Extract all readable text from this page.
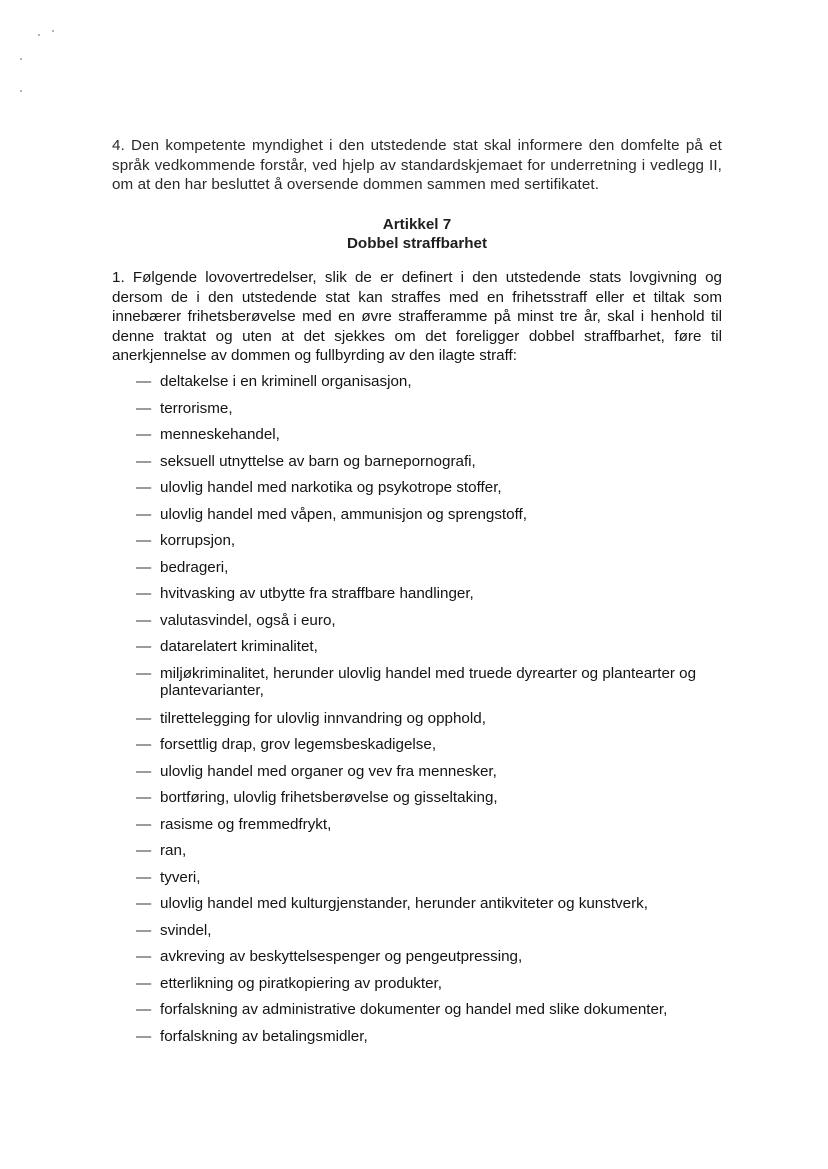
4. Den kompetente myndighet i den utstedende stat skal informere den domfelte på et språk vedkommende forstår, ved hjelp av standardskjemaet for underretning i vedlegg II, om at den har besluttet å oversende dommen sammen med sertifikatet.

Artikkel 7
Dobbel straffbarhet

1. Følgende lovovertredelser, slik de er definert i den utstedende stats lovgivning og dersom de i den utstedende stat kan straffes med en frihetsstraff eller et tiltak som innebærer frihetsberøvelse med en øvre strafferamme på minst tre år, skal i henhold til denne traktat og uten at det sjekkes om det foreligger dobbel straffbarhet, føre til anerkjennelse av dommen og fullbyrding av den ilagte straff:

— deltakelse i en kriminell organisasjon,
— terrorisme,
— menneskehandel,
— seksuell utnyttelse av barn og barnepornografi,
— ulovlig handel med narkotika og psykotrope stoffer,
— ulovlig handel med våpen, ammunisjon og sprengstoff,
— korrupsjon,
— bedrageri,
— hvitvasking av utbytte fra straffbare handlinger,
— valutasvindel, også i euro,
— datarelatert kriminalitet,
— miljøkriminalitet, herunder ulovlig handel med truede dyrearter og plantearter og plantevarianter,
— tilrettelegging for ulovlig innvandring og opphold,
— forsettlig drap, grov legemsbeskadigelse,
— ulovlig handel med organer og vev fra mennesker,
— bortføring, ulovlig frihetsberøvelse og gisseltaking,
— rasisme og fremmedfrykt,
— ran,
— tyveri,
— ulovlig handel med kulturgjenstander, herunder antikviteter og kunstverk,
— svindel,
— avkreving av beskyttelsespenger og pengeutpressing,
— etterlikning og piratkopiering av produkter,
— forfalskning av administrative dokumenter og handel med slike dokumenter,
— forfalskning av betalingsmidler,
